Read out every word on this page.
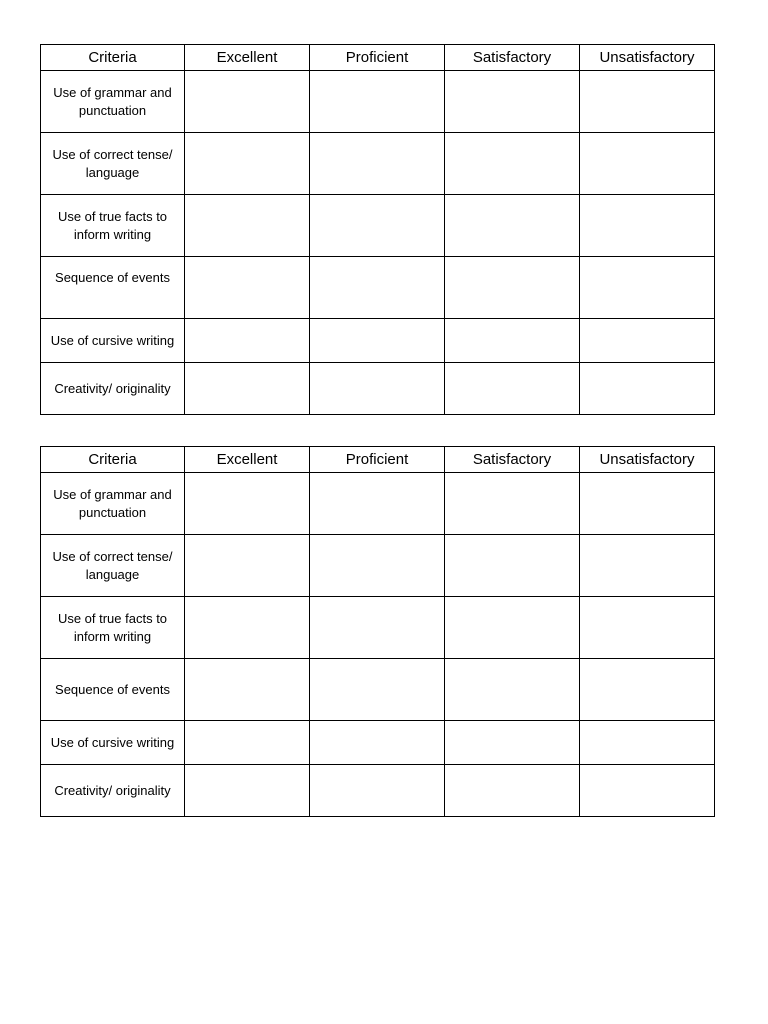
Criteria	Excellent	Proficient	Satisfactory	Unsatisfactory
Use of grammar and punctuation				
Use of correct tense/ language				
Use of true facts to inform writing				
Sequence of events				
Use of cursive writing				
Creativity/ originality				
Criteria	Excellent	Proficient	Satisfactory	Unsatisfactory
Use of grammar and punctuation				
Use of correct tense/ language				
Use of true facts to inform writing				
Sequence of events				
Use of cursive writing				
Creativity/ originality				
